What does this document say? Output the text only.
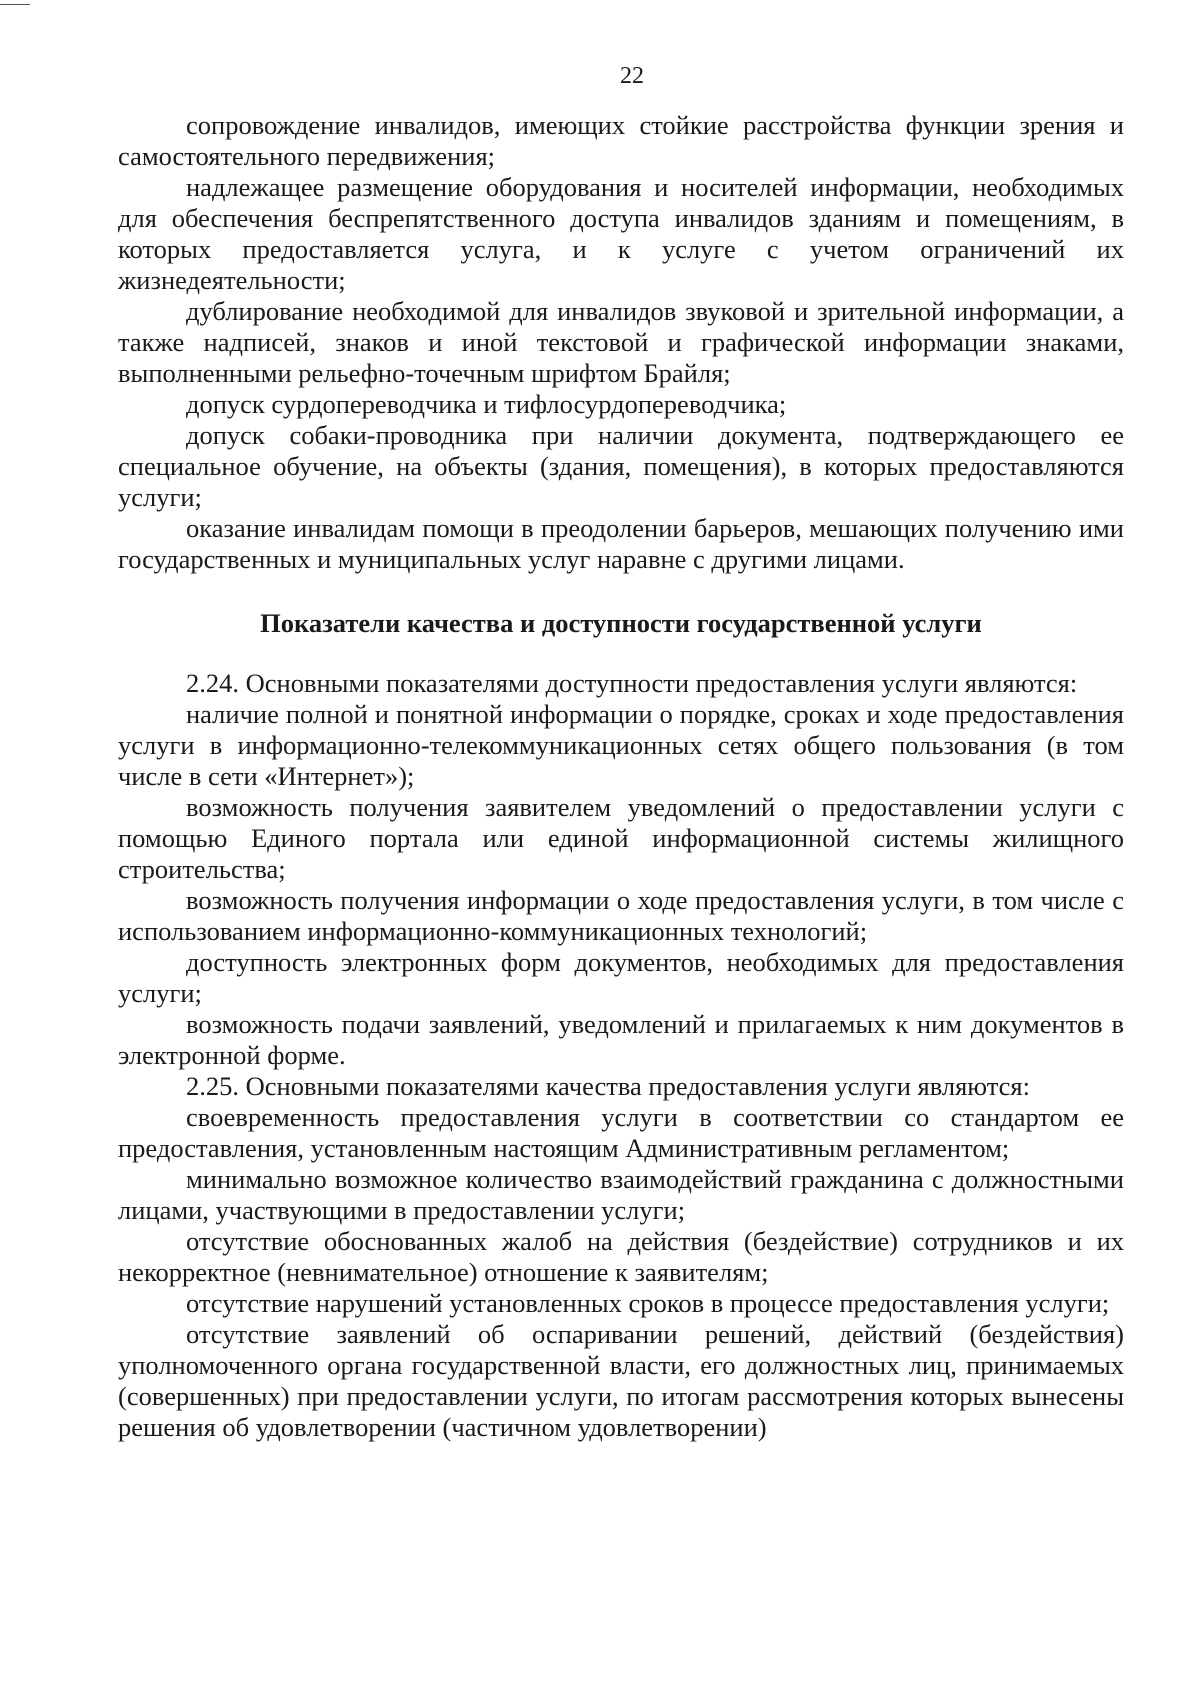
22

сопровождение инвалидов, имеющих стойкие расстройства функции зрения и самостоятельного передвижения;

надлежащее размещение оборудования и носителей информации, необходимых для обеспечения беспрепятственного доступа инвалидов зданиям и помещениям, в которых предоставляется услуга, и к услуге с учетом ограничений их жизнедеятельности;

дублирование необходимой для инвалидов звуковой и зрительной информации, а также надписей, знаков и иной текстовой и графической информации знаками, выполненными рельефно-точечным шрифтом Брайля;

допуск сурдопереводчика и тифлосурдопереводчика;

допуск собаки-проводника при наличии документа, подтверждающего ее специальное обучение, на объекты (здания, помещения), в которых предоставляются услуги;

оказание инвалидам помощи в преодолении барьеров, мешающих получению ими государственных и муниципальных услуг наравне с другими лицами.

Показатели качества и доступности государственной услуги

2.24. Основными показателями доступности предоставления услуги являются:

наличие полной и понятной информации о порядке, сроках и ходе предоставления услуги в информационно-телекоммуникационных сетях общего пользования (в том числе в сети «Интернет»);

возможность получения заявителем уведомлений о предоставлении услуги с помощью Единого портала или единой информационной системы жилищного строительства;

возможность получения информации о ходе предоставления услуги, в том числе с использованием информационно-коммуникационных технологий;

доступность электронных форм документов, необходимых для предоставления услуги;

возможность подачи заявлений, уведомлений и прилагаемых к ним документов в электронной форме.

2.25. Основными показателями качества предоставления услуги являются:

своевременность предоставления услуги в соответствии со стандартом ее предоставления, установленным настоящим Административным регламентом;

минимально возможное количество взаимодействий гражданина с должностными лицами, участвующими в предоставлении услуги;

отсутствие обоснованных жалоб на действия (бездействие) сотрудников и их некорректное (невнимательное) отношение к заявителям;

отсутствие нарушений установленных сроков в процессе предоставления услуги;

отсутствие заявлений об оспаривании решений, действий (бездействия) уполномоченного органа государственной власти, его должностных лиц, принимаемых (совершенных) при предоставлении услуги, по итогам рассмотрения которых вынесены решения об удовлетворении (частичном удовлетворении)
